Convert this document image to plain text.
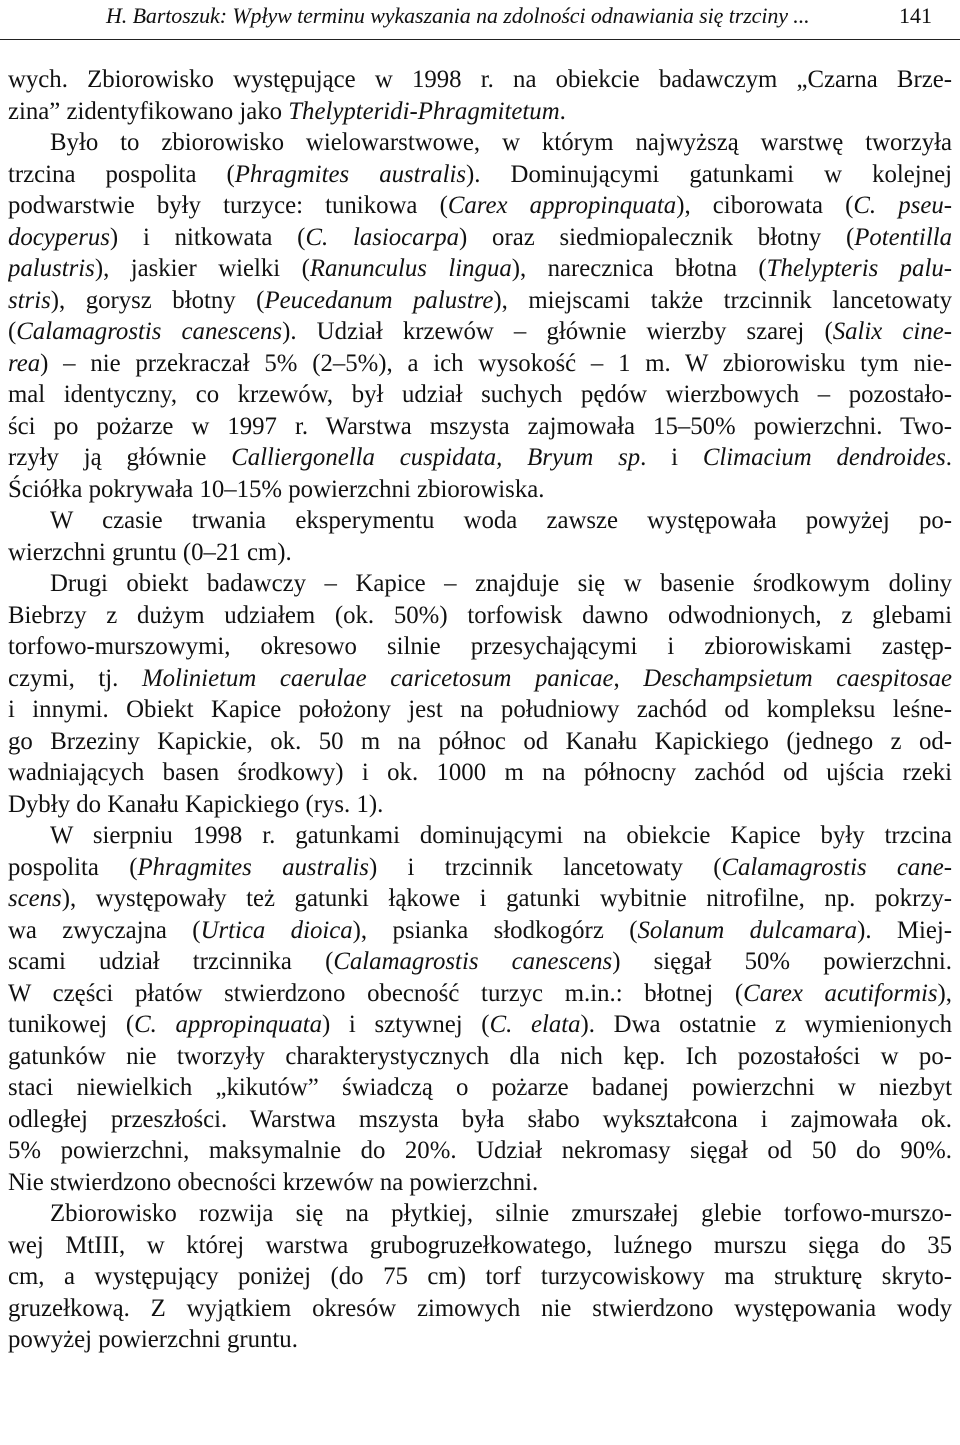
H. Bartoszuk: Wpływ terminu wykaszania na zdolności odnawiania się trzciny ...	141
wych. Zbiorowisko występujące w 1998 r. na obiekcie badawczym „Czarna Brze-
zina” zidentyfikowano jako Thelypteridi-Phragmitetum.
Było to zbiorowisko wielowarstwowe, w którym najwyższą warstwę tworzyła
trzcina pospolita (Phragmites australis). Dominującymi gatunkami w kolejnej
podwarstwie były turzyce: tunikowa (Carex appropinquata), ciborowata (C. pseu-
docyperus) i nitkowata (C. lasiocarpa) oraz siedmiopalecznik błotny (Potentilla
palustris), jaskier wielki (Ranunculus lingua), narecznica błotna (Thelypteris palu-
stris), gorysz błotny (Peucedanum palustre), miejscami także trzcinnik lancetowaty
(Calamagrostis canescens). Udział krzewów – głównie wierzby szarej (Salix cine-
rea) – nie przekraczał 5% (2–5%), a ich wysokość – 1 m. W zbiorowisku tym nie-
mal identyczny, co krzewów, był udział suchych pędów wierzbowych – pozostało-
ści po pożarze w 1997 r. Warstwa mszysta zajmowała 15–50% powierzchni. Two-
rzyły ją głównie Calliergonella cuspidata, Bryum sp. i Climacium dendroides.
Ściółka pokrywała 10–15% powierzchni zbiorowiska.
W czasie trwania eksperymentu woda zawsze występowała powyżej po-
wierzchni gruntu (0–21 cm).
Drugi obiekt badawczy – Kapice – znajduje się w basenie środkowym doliny
Biebrzy z dużym udziałem (ok. 50%) torfowisk dawno odwodnionych, z glebami
torfowo-murszowymi, okresowo silnie przesychającymi i zbiorowiskami zastęp-
czymi, tj. Molinietum caerulae caricetosum panicae, Deschampsietum caespitosae
i innymi. Obiekt Kapice położony jest na południowy zachód od kompleksu leśne-
go Brzeziny Kapickie, ok. 50 m na północ od Kanału Kapickiego (jednego z od-
wadniających basen środkowy) i ok. 1000 m na północny zachód od ujścia rzeki
Dybły do Kanału Kapickiego (rys. 1).
W sierpniu 1998 r. gatunkami dominującymi na obiekcie Kapice były trzcina
pospolita (Phragmites australis) i trzcinnik lancetowaty (Calamagrostis cane-
scens), występowały też gatunki łąkowe i gatunki wybitnie nitrofilne, np. pokrzy-
wa zwyczajna (Urtica dioica), psianka słodkogórz (Solanum dulcamara). Miej-
scami udział trzcinnika (Calamagrostis canescens) sięgał 50% powierzchni.
W części płatów stwierdzono obecność turzyc m.in.: błotnej (Carex acutiformis),
tunikowej (C. appropinquata) i sztywnej (C. elata). Dwa ostatnie z wymienionych
gatunków nie tworzyły charakterystycznych dla nich kęp. Ich pozostałości w po-
staci niewielkich „kikutów” świadczą o pożarze badanej powierzchni w niezbyt
odległej przeszłości. Warstwa mszysta była słabo wykształcona i zajmowała ok.
5% powierzchni, maksymalnie do 20%. Udział nekromasy sięgał od 50 do 90%.
Nie stwierdzono obecności krzewów na powierzchni.
Zbiorowisko rozwija się na płytkiej, silnie zmurszałej glebie torfowo-murszo-
wej MtIII, w której warstwa grubogruzełkowatego, luźnego murszu sięga do 35
cm, a występujący poniżej (do 75 cm) torf turzycowiskowy ma strukturę skryto-
gruzełkową. Z wyjątkiem okresów zimowych nie stwierdzono występowania wody
powyżej powierzchni gruntu.
